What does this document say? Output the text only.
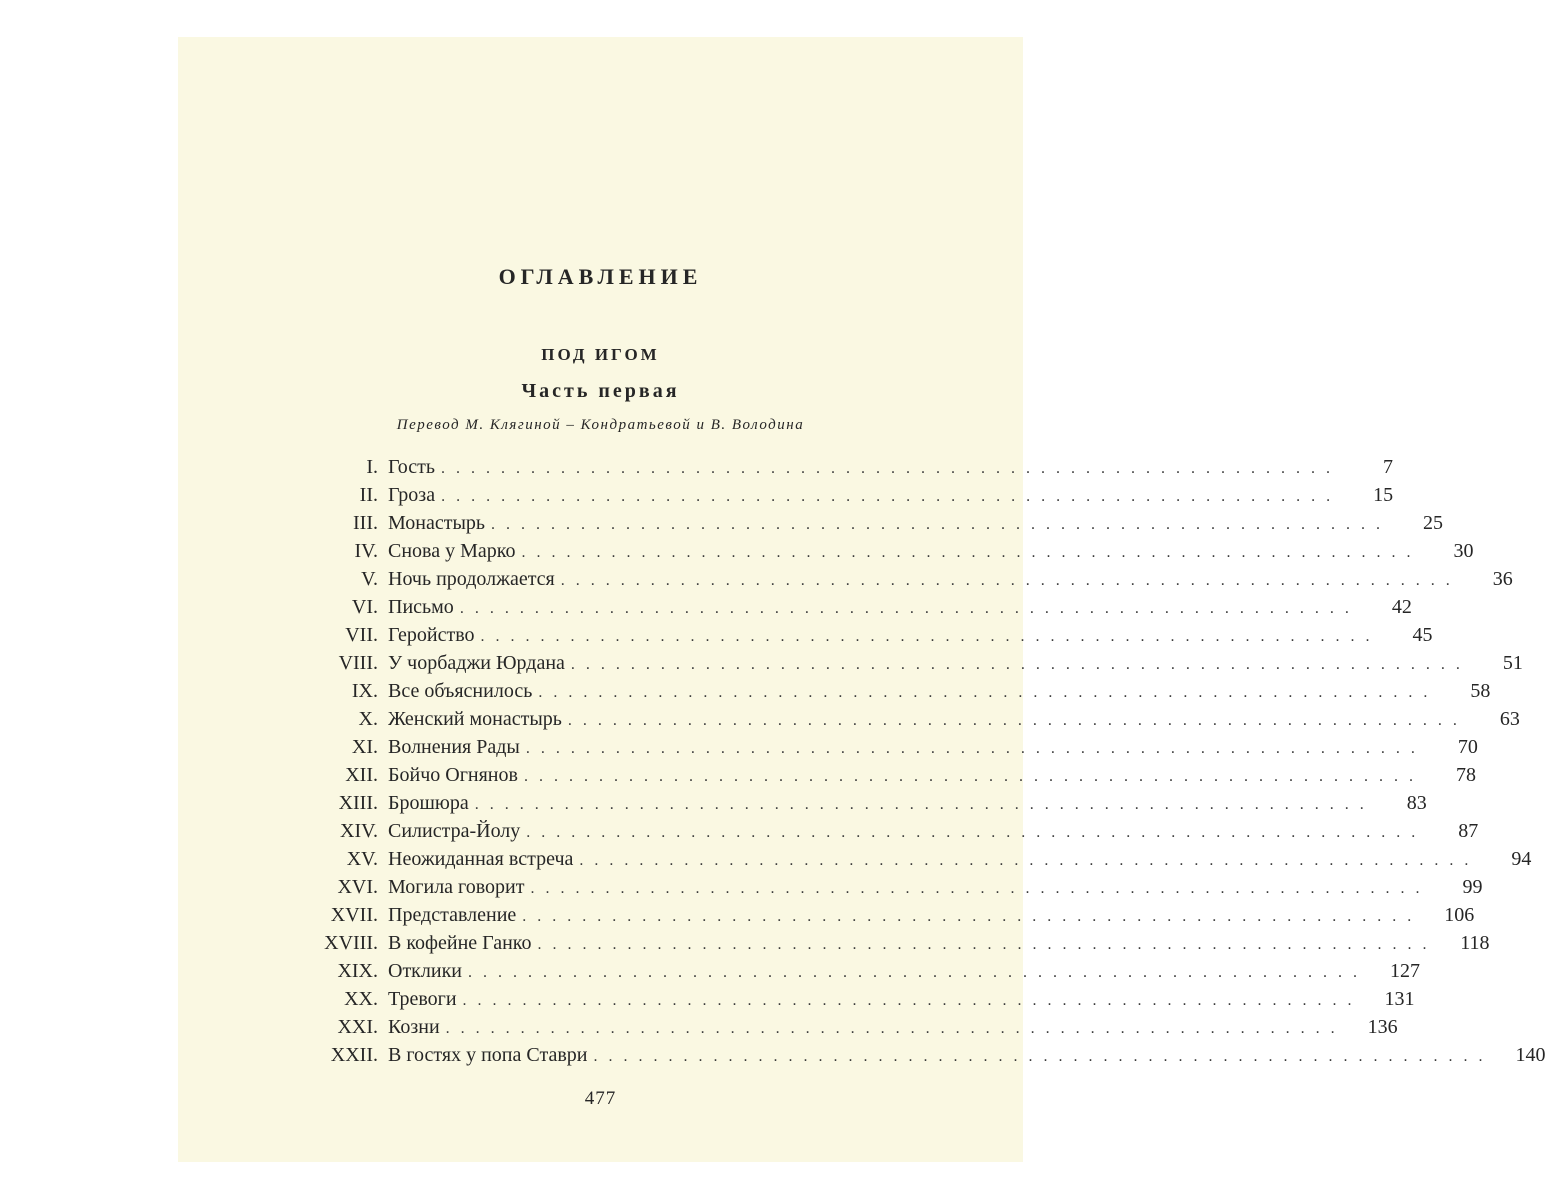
ОГЛАВЛЕНИЕ
ПОД ИГОМ
Часть первая

Перевод М. Клягиной – Кондратьевой и В. Володина

I. Гость ............................................................	7
II. Гроза ............................................................	15
III. Монастырь ............................................................	25
IV. Снова у Марко ............................................................	30
V. Ночь продолжается ............................................................	36
VI. Письмо ............................................................	42
VII. Геройство ............................................................	45
VIII. У чорбаджи Юрдана ............................................................	51
IX. Все объяснилось ............................................................	58
X. Женский монастырь ............................................................	63
XI. Волнения Рады ............................................................	70
XII. Бойчо Огнянов ............................................................	78
XIII. Брошюра ............................................................	83
XIV. Силистра-Йолу ............................................................	87
XV. Неожиданная встреча ............................................................	94
XVI. Могила говорит ............................................................	99
XVII. Представление ............................................................	106
XVIII. В кофейне Ганко ............................................................	118
XIX. Отклики ............................................................	127
XX. Тревоги ............................................................	131
XXI. Козни ............................................................	136
XXII. В гостях у попа Ставри ............................................................	140

477
